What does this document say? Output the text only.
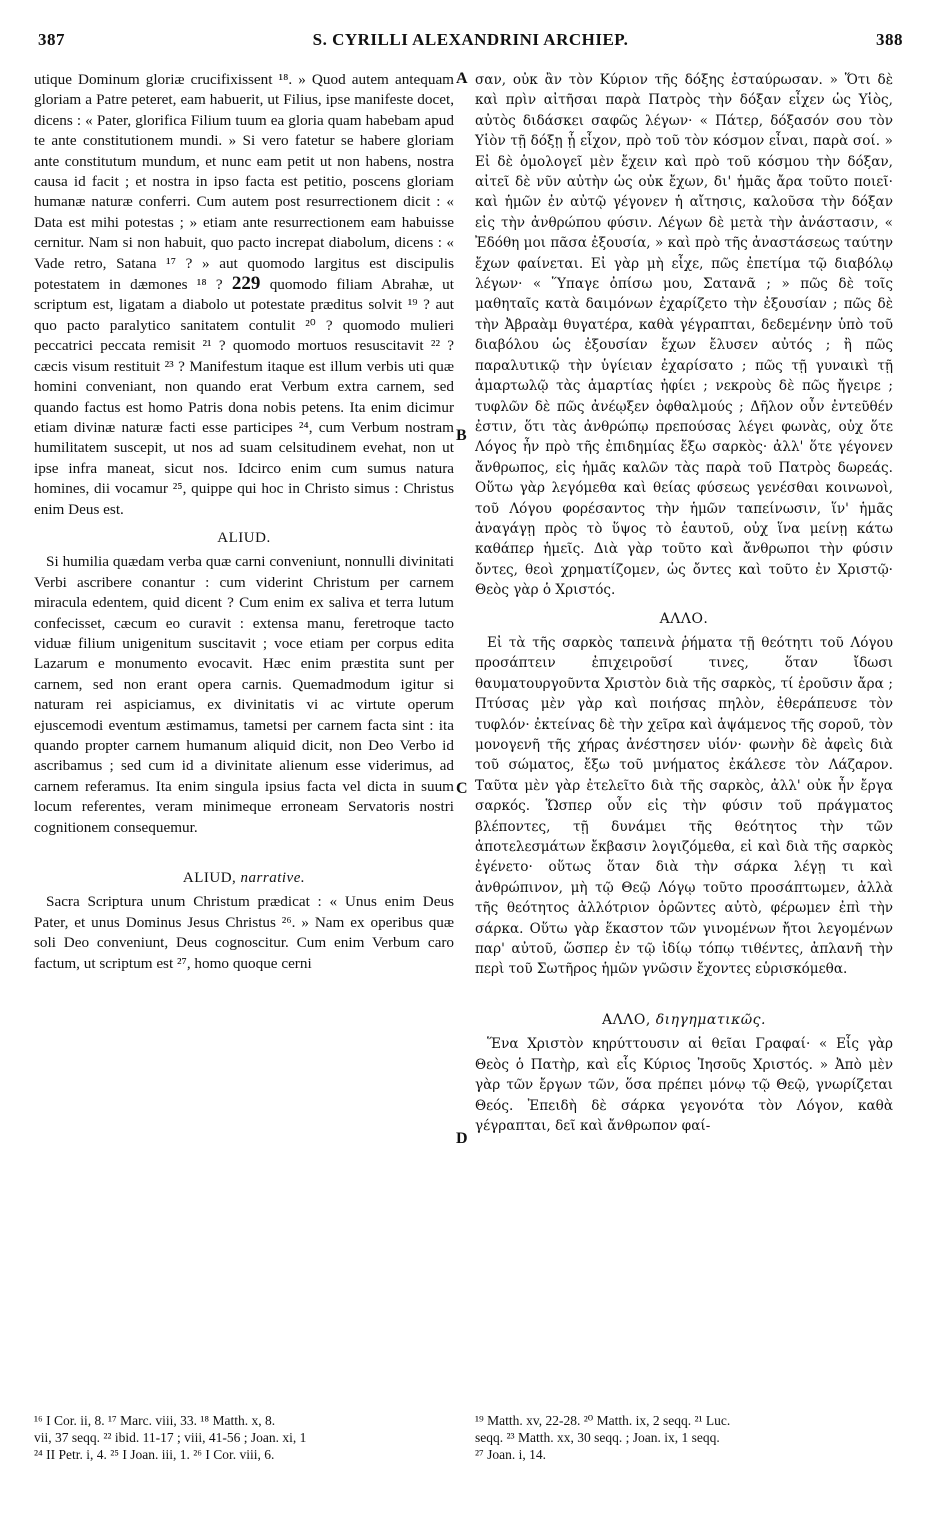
387	S. CYRILLI ALEXANDRINI ARCHIEP.	388
A
B
C
D

utique Dominum gloriæ crucifixissent ¹⁸. » Quod autem antequam gloriam a Patre peteret, eam habuerit, ut Filius, ipse manifeste docet, dicens : « Pater, glorifica Filium tuum ea gloria quam habebam apud te ante constitutionem mundi. » Si vero fatetur se habere gloriam ante constitutum mundum, et nunc eam petit ut non habens, nostra causa id facit ; et nostra in ipso facta est petitio, poscens gloriam humanæ naturæ conferri. Cum autem post resurrectionem dicit : « Data est mihi potestas ; » etiam ante resurrectionem eam habuisse cernitur. Nam si non habuit, quo pacto increpat diabolum, dicens : « Vade retro, Satana ¹⁷ ? » aut quomodo largitus est discipulis potestatem in dæmones ¹⁸ ? 229 quomodo filiam Abrahæ, ut scriptum est, ligatam a diabolo ut potestate præditus solvit ¹⁹ ? aut quo pacto paralytico sanitatem contulit ²⁰ ? quomodo mulieri peccatrici peccata remisit ²¹ ? quomodo mortuos resuscitavit ²² ? cæcis visum restituit ²³ ? Manifestum itaque est illum verbis uti quæ homini conveniant, non quando erat Verbum extra carnem, sed quando factus est homo Patris dona nobis petens. Ita enim dicimur etiam divinæ naturæ facti esse participes ²⁴, cum Verbum nostram humilitatem suscepit, ut nos ad suam celsitudinem evehat, non ut ipse infra maneat, sicut nos. Idcirco enim cum sumus natura homines, dii vocamur ²⁵, quippe qui hoc in Christo simus : Christus enim Deus est.

ALIUD.

Si humilia quædam verba quæ carni conveniunt, nonnulli divinitati Verbi ascribere conantur : cum viderint Christum per carnem miracula edentem, quid dicent ? Cum enim ex saliva et terra lutum confecisset, cæcum eo curavit : extensa manu, feretroque tacto viduæ filium unigenitum suscitavit ; voce etiam per corpus edita Lazarum e monumento evocavit. Hæc enim præstita sunt per carnem, sed non erant opera carnis. Quemadmodum igitur si naturam rei aspiciamus, ex divinitatis vi ac virtute operum ejuscemodi eventum æstimamus, tametsi per carnem facta sint : ita quando propter carnem humanum aliquid dicit, non Deo Verbo id ascribamus ; sed cum id a divinitate alienum esse viderimus, ad carnem referamus. Ita enim singula ipsius facta vel dicta in suum locum referentes, veram minimeque erroneam Servatoris nostri cognitionem consequemur.

ALIUD, narrative.

Sacra Scriptura unum Christum prædicat : « Unus enim Deus Pater, et unus Dominus Jesus Christus ²⁶. » Nam ex operibus quæ soli Deo conveniunt, Deus cognoscitur. Cum enim Verbum caro factum, ut scriptum est ²⁷, homo quoque cerni

σαν, οὐκ ἂν τὸν Κύριον τῆς δόξης ἐσταύρωσαν. » Ὅτι δὲ καὶ πρὶν αἰτῆσαι παρὰ Πατρὸς τὴν δόξαν εἶχεν ὡς Υἱὸς, αὐτὸς διδάσκει σαφῶς λέγων· « Πάτερ, δόξασόν σου τὸν Υἱὸν τῇ δόξῃ ᾗ εἶχον, πρὸ τοῦ τὸν κόσμον εἶναι, παρὰ σοί. » Εἰ δὲ ὁμολογεῖ μὲν ἔχειν καὶ πρὸ τοῦ κόσμου τὴν δόξαν, αἰτεῖ δὲ νῦν αὐτὴν ὡς οὐκ ἔχων, δι' ἡμᾶς ἄρα τοῦτο ποιεῖ· καὶ ἡμῶν ἐν αὐτῷ γέγονεν ἡ αἴτησις, καλοῦσα τὴν δόξαν εἰς τὴν ἀνθρώπου φύσιν. Λέγων δὲ μετὰ τὴν ἀνάστασιν, « Ἐδόθη μοι πᾶσα ἐξουσία, » καὶ πρὸ τῆς ἀναστάσεως ταύτην ἔχων φαίνεται. Εἰ γὰρ μὴ εἶχε, πῶς ἐπετίμα τῷ διαβόλῳ λέγων· « Ὕπαγε ὀπίσω μου, Σατανᾶ ; » πῶς δὲ τοῖς μαθηταῖς κατὰ δαιμόνων ἐχαρίζετο τὴν ἐξουσίαν ; πῶς δὲ τὴν Ἀβραὰμ θυγατέρα, καθὰ γέγραπται, δεδεμένην ὑπὸ τοῦ διαβόλου ὡς ἐξουσίαν ἔχων ἔλυσεν αὐτός ; ἢ πῶς παραλυτικῷ τὴν ὑγίειαν ἐχαρίσατο ; πῶς τῇ γυναικὶ τῇ ἁμαρτωλῷ τὰς ἁμαρτίας ἠφίει ; νεκροὺς δὲ πῶς ἤγειρε ; τυφλῶν δὲ πῶς ἀνέῳξεν ὀφθαλμούς ; Δῆλον οὖν ἐντεῦθέν ἐστιν, ὅτι τὰς ἀνθρώπῳ πρεπούσας λέγει φωνὰς, οὐχ ὅτε Λόγος ἦν πρὸ τῆς ἐπιδημίας ἔξω σαρκὸς· ἀλλ' ὅτε γέγονεν ἄνθρωπος, εἰς ἡμᾶς καλῶν τὰς παρὰ τοῦ Πατρὸς δωρεάς. Οὕτω γὰρ λεγόμεθα καὶ θείας φύσεως γενέσθαι κοινωνοὶ, τοῦ Λόγου φορέσαντος τὴν ἡμῶν ταπείνωσιν, ἵν' ἡμᾶς ἀναγάγῃ πρὸς τὸ ὕψος τὸ ἑαυτοῦ, οὐχ ἵνα μείνῃ κάτω καθάπερ ἡμεῖς. Διὰ γὰρ τοῦτο καὶ ἄνθρωποι τὴν φύσιν ὄντες, θεοὶ χρηματίζομεν, ὡς ὄντες καὶ τοῦτο ἐν Χριστῷ· Θεὸς γὰρ ὁ Χριστός.

ΑΛΛΟ.

Εἰ τὰ τῆς σαρκὸς ταπεινὰ ῥήματα τῇ θεότητι τοῦ Λόγου προσάπτειν ἐπιχειροῦσί τινες, ὅταν ἴδωσι θαυματουργοῦντα Χριστὸν διὰ τῆς σαρκὸς, τί ἐροῦσιν ἄρα ; Πτύσας μὲν γὰρ καὶ ποιήσας πηλὸν, ἐθεράπευσε τὸν τυφλόν· ἐκτείνας δὲ τὴν χεῖρα καὶ ἁψάμενος τῆς σοροῦ, τὸν μονογενῆ τῆς χήρας ἀνέστησεν υἱόν· φωνὴν δὲ ἀφεὶς διὰ τοῦ σώματος, ἔξω τοῦ μνήματος ἐκάλεσε τὸν Λάζαρον. Ταῦτα μὲν γὰρ ἐτελεῖτο διὰ τῆς σαρκὸς, ἀλλ' οὐκ ἦν ἔργα σαρκός. Ὥσπερ οὖν εἰς τὴν φύσιν τοῦ πράγματος βλέποντες, τῇ δυνάμει τῆς θεότητος τὴν τῶν ἀποτελεσμάτων ἔκβασιν λογιζόμεθα, εἰ καὶ διὰ τῆς σαρκὸς ἐγένετο· οὕτως ὅταν διὰ τὴν σάρκα λέγῃ τι καὶ ἀνθρώπινον, μὴ τῷ Θεῷ Λόγῳ τοῦτο προσάπτωμεν, ἀλλὰ τῆς θεότητος ἀλλότριον ὁρῶντες αὐτὸ, φέρωμεν ἐπὶ τὴν σάρκα. Οὕτω γὰρ ἕκαστον τῶν γινομένων ἤτοι λεγομένων παρ' αὐτοῦ, ὥσπερ ἐν τῷ ἰδίῳ τόπῳ τιθέντες, ἀπλανῆ τὴν περὶ τοῦ Σωτῆρος ἡμῶν γνῶσιν ἔχοντες εὑρισκόμεθα.

ΑΛΛΟ, διηγηματικῶς.

Ἕνα Χριστὸν κηρύττουσιν αἱ θεῖαι Γραφαί· « Εἷς γὰρ Θεὸς ὁ Πατὴρ, καὶ εἷς Κύριος Ἰησοῦς Χριστός. » Ἀπὸ μὲν γὰρ τῶν ἔργων τῶν, ὅσα πρέπει μόνῳ τῷ Θεῷ, γνωρίζεται Θεός. Ἐπειδὴ δὲ σάρκα γεγονότα τὸν Λόγον, καθὰ γέγραπται, δεῖ καὶ ἄνθρωπον φαί-

¹⁶ I Cor. ii, 8. ¹⁷ Marc. viii, 33. ¹⁸ Matth. x, 8.

vii, 37 seqq. ²² ibid. 11-17 ; viii, 41-56 ; Joan. xi, 1

²⁴ II Petr. i, 4. ²⁵ I Joan. iii, 1. ²⁶ I Cor. viii, 6.

¹⁹ Matth. xv, 22-28. ²⁰ Matth. ix, 2 seqq. ²¹ Luc.

seqq. ²³ Matth. xx, 30 seqq. ; Joan. ix, 1 seqq.

²⁷ Joan. i, 14.
